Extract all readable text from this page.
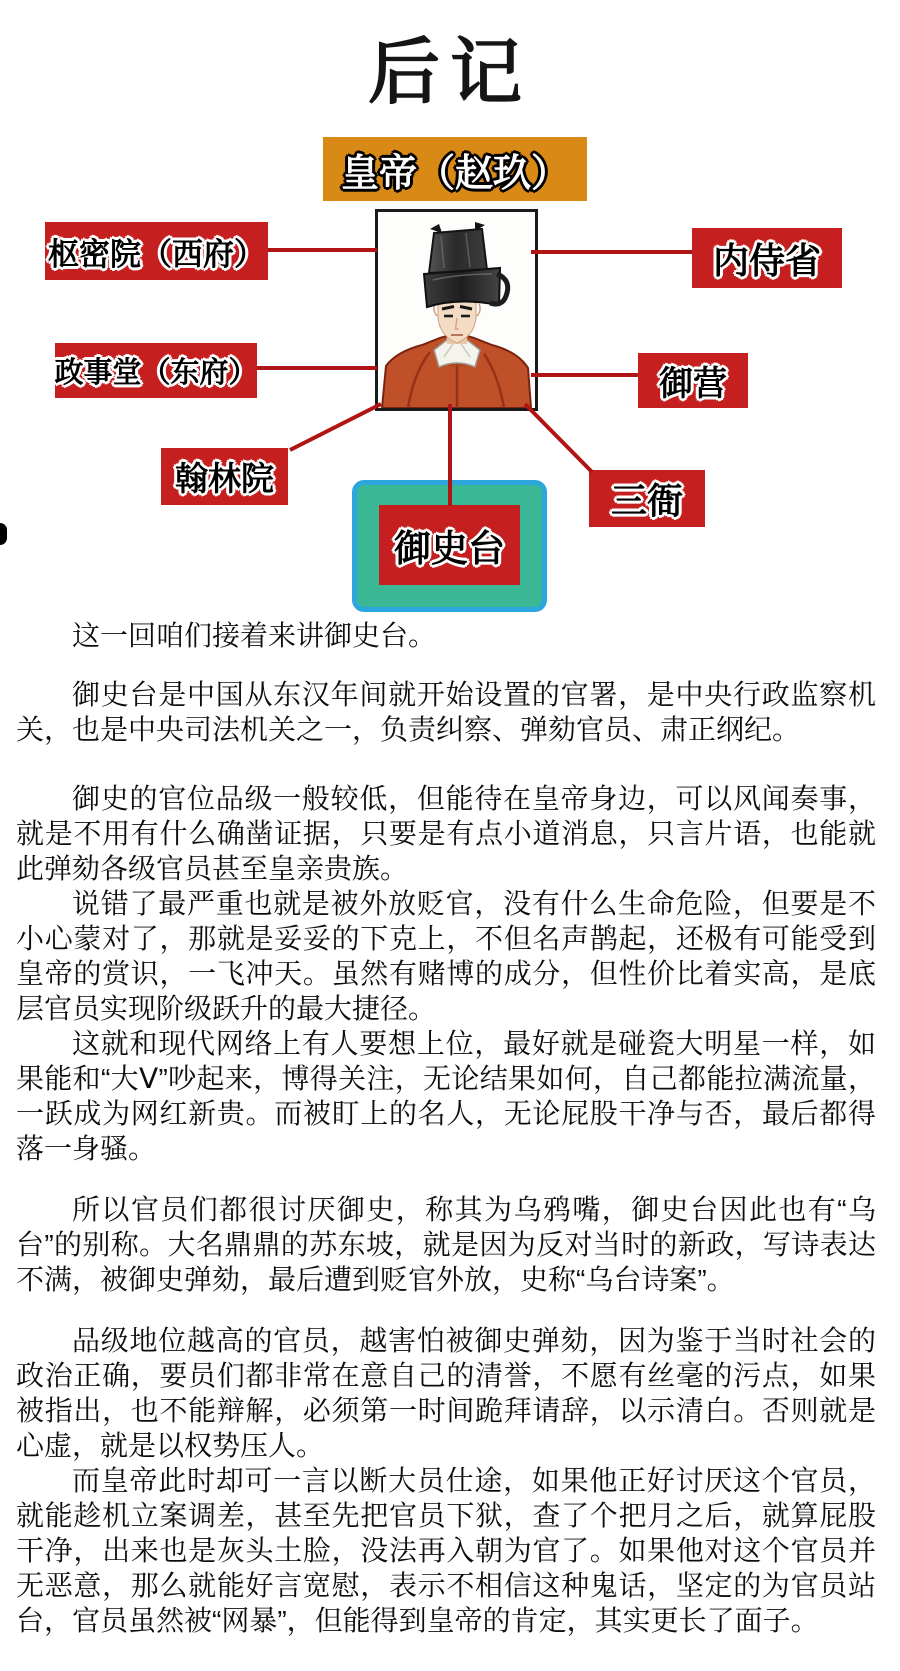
后记
皇帝（赵玖）
枢密院（西府）
政事堂（东府）
内侍省
御营
翰林院
三衙
御史台

这一回咱们接着来讲御史台。

御史台是中国从东汉年间就开始设置的官署，是中央行政监察机关，也是中央司法机关之一，负责纠察、弹劾官员、肃正纲纪。

御史的官位品级一般较低，但能待在皇帝身边，可以风闻奏事，就是不用有什么确凿证据，只要是有点小道消息，只言片语，也能就此弹劾各级官员甚至皇亲贵族。

说错了最严重也就是被外放贬官，没有什么生命危险，但要是不小心蒙对了，那就是妥妥的下克上，不但名声鹊起，还极有可能受到皇帝的赏识，一飞冲天。虽然有赌博的成分，但性价比着实高，是底层官员实现阶级跃升的最大捷径。

这就和现代网络上有人要想上位，最好就是碰瓷大明星一样，如果能和“大Ⅴ”吵起来，博得关注，无论结果如何，自己都能拉满流量，一跃成为网红新贵。而被盯上的名人，无论屁股干净与否，最后都得落一身骚。

所以官员们都很讨厌御史，称其为乌鸦嘴，御史台因此也有“乌台”的别称。大名鼎鼎的苏东坡，就是因为反对当时的新政，写诗表达不满，被御史弹劾，最后遭到贬官外放，史称“乌台诗案”。

品级地位越高的官员，越害怕被御史弹劾，因为鉴于当时社会的政治正确，要员们都非常在意自己的清誉，不愿有丝毫的污点，如果被指出，也不能辩解，必须第一时间跪拜请辞，以示清白。否则就是心虚，就是以权势压人。

而皇帝此时却可一言以断大员仕途，如果他正好讨厌这个官员，就能趁机立案调差，甚至先把官员下狱，查了个把月之后，就算屁股干净，出来也是灰头土脸，没法再入朝为官了。如果他对这个官员并无恶意，那么就能好言宽慰，表示不相信这种鬼话，坚定的为官员站台，官员虽然被“网暴”，但能得到皇帝的肯定，其实更长了面子。
